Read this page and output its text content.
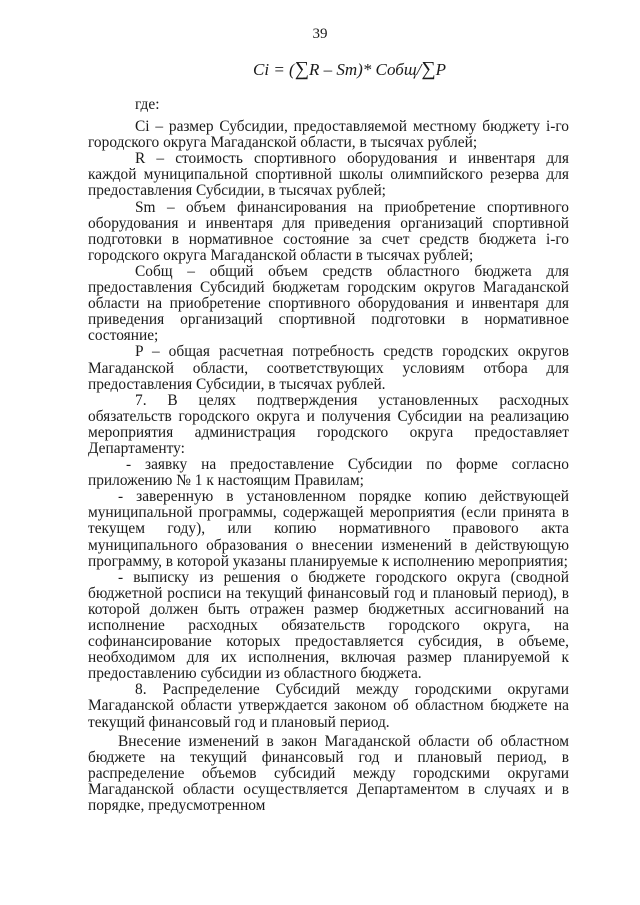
39
Ci = (∑R – Sm)* Собщ/∑P

где:

Ci – размер Субсидии, предоставляемой местному бюджету i-го городского округа Магаданской области, в тысячах рублей;

R – стоимость спортивного оборудования и инвентаря для каждой муниципальной спортивной школы олимпийского резерва для предоставления Субсидии, в тысячах рублей;

Sm – объем финансирования на приобретение спортивного оборудования и инвентаря для приведения организаций спортивной подготовки в нормативное состояние за счет средств бюджета i-го городского округа Магаданской области в тысячах рублей;

Собщ – общий объем средств областного бюджета для предоставления Субсидий бюджетам городским округов Магаданской области на приобретение спортивного оборудования и инвентаря для приведения организаций спортивной подготовки в нормативное состояние;

P – общая расчетная потребность средств городских округов Магаданской области, соответствующих условиям отбора для предоставления Субсидии, в тысячах рублей.

7. В целях подтверждения установленных расходных обязательств городского округа и получения Субсидии на реализацию мероприятия администрация городского округа предоставляет Департаменту:

- заявку на предоставление Субсидии по форме согласно приложению № 1 к настоящим Правилам;

- заверенную в установленном порядке копию действующей муниципальной программы, содержащей мероприятия (если принята в текущем году), или копию нормативного правового акта муниципального образования о внесении изменений в действующую программу, в которой указаны планируемые к исполнению мероприятия;

- выписку из решения о бюджете городского округа (сводной бюджетной росписи на текущий финансовый год и плановый период), в которой должен быть отражен размер бюджетных ассигнований на исполнение расходных обязательств городского округа, на софинансирование которых предоставляется субсидия, в объеме, необходимом для их исполнения, включая размер планируемой к предоставлению субсидии из областного бюджета.

8. Распределение Субсидий между городскими округами Магаданской области утверждается законом об областном бюджете на текущий финансовый год и плановый период.

Внесение изменений в закон Магаданской области об областном бюджете на текущий финансовый год и плановый период, в распределение объемов субсидий между городскими округами Магаданской области осуществляется Департаментом в случаях и в порядке, предусмотренном
